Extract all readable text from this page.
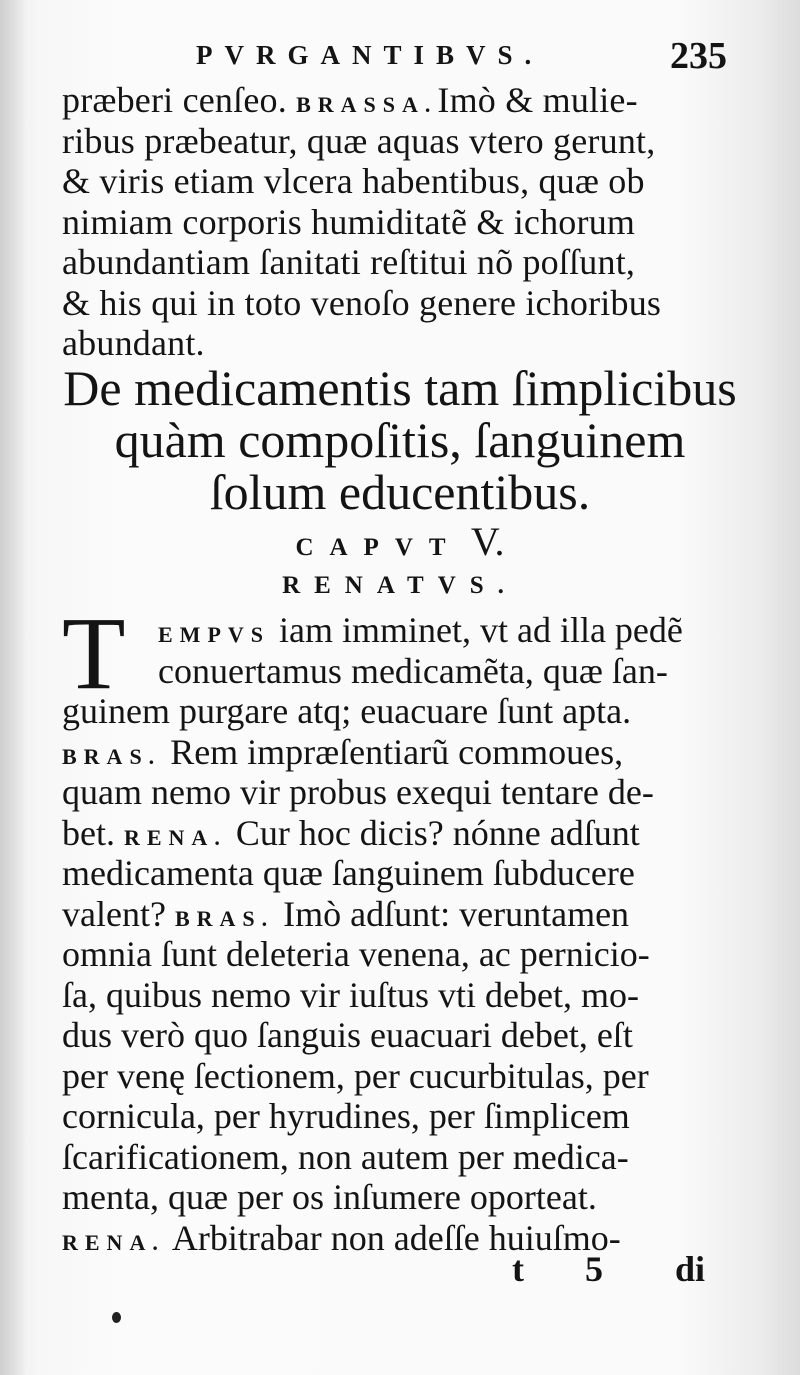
PVRGANTIBVS.	235
præberi cenſeo. BRASSA.Imò & mulie-
ribus præbeatur, quæ aquas vtero gerunt,
& viris etiam vlcera habentibus, quæ ob
nimiam corporis humiditatẽ & ichorum
abundantiam ſanitati reſtitui nõ poſſunt,
& his qui in toto venoſo genere ichoribus
abundant.
De medicamentis tam ſimplicibus
quàm compoſitis, ſanguinem
ſolum educentibus.
CAPVT V.
RENATVS.
T	EMPVS iam imminet, vt ad illa pedẽ
conuertamus medicamẽta, quæ ſan-
guinem purgare atq; euacuare ſunt apta.
BRAS. Rem impræſentiarũ commoues,
quam nemo vir probus exequi tentare de-
bet. RENA. Cur hoc dicis? nónne adſunt
medicamenta quæ ſanguinem ſubducere
valent? BRAS. Imò adſunt: veruntamen
omnia ſunt deleteria venena, ac pernicio-
ſa, quibus nemo vir iuſtus vti debet, mo-
dus verò quo ſanguis euacuari debet, eſt
per venę ſectionem, per cucurbitulas, per
cornicula, per hyrudines, per ſimplicem
ſcarificationem, non autem per medica-
menta, quæ per os inſumere oporteat.
RENA. Arbitrabar non adeſſe huiuſmo-
t 5 di
